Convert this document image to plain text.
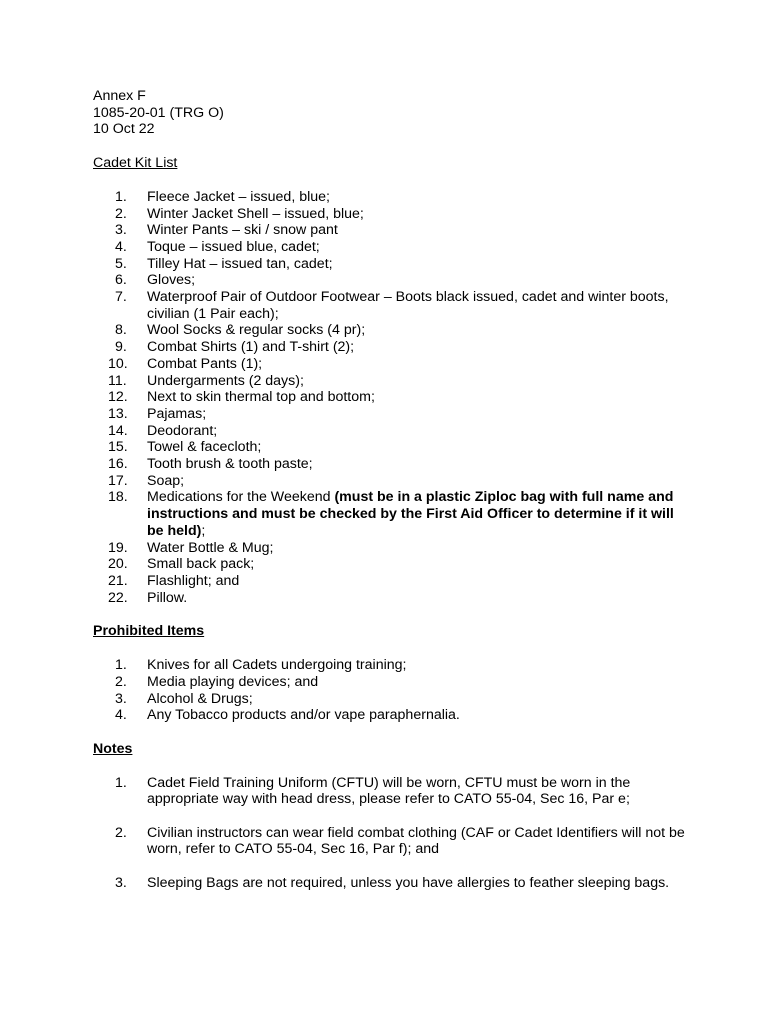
Annex F
1085-20-01 (TRG O)
10 Oct 22
Cadet Kit List
1.	Fleece Jacket – issued, blue;
2.	Winter Jacket Shell – issued, blue;
3.	Winter Pants – ski / snow pant
4.	Toque – issued blue, cadet;
5.	Tilley Hat – issued tan, cadet;
6.	Gloves;
7.	Waterproof Pair of Outdoor Footwear – Boots black issued, cadet and winter boots, civilian (1 Pair each);
8.	Wool Socks & regular socks (4 pr);
9.	Combat Shirts (1) and T-shirt (2);
10.	Combat Pants (1);
11.	Undergarments (2 days);
12.	Next to skin thermal top and bottom;
13.	Pajamas;
14.	Deodorant;
15.	Towel & facecloth;
16.	Tooth brush & tooth paste;
17.	Soap;
18.	Medications for the Weekend (must be in a plastic Ziploc bag with full name and instructions and must be checked by the First Aid Officer to determine if it will be held);
19.	Water Bottle & Mug;
20.	Small back pack;
21.	Flashlight; and
22.	Pillow.
Prohibited Items
1.	Knives for all Cadets undergoing training;
2.	Media playing devices; and
3.	Alcohol & Drugs;
4.	Any Tobacco products and/or vape paraphernalia.
Notes
1.	Cadet Field Training Uniform (CFTU) will be worn, CFTU must be worn in the appropriate way with head dress, please refer to CATO 55-04, Sec 16, Par e;
2.	Civilian instructors can wear field combat clothing (CAF or Cadet Identifiers will not be worn, refer to CATO 55-04, Sec 16, Par f); and
3.	Sleeping Bags are not required, unless you have allergies to feather sleeping bags.
